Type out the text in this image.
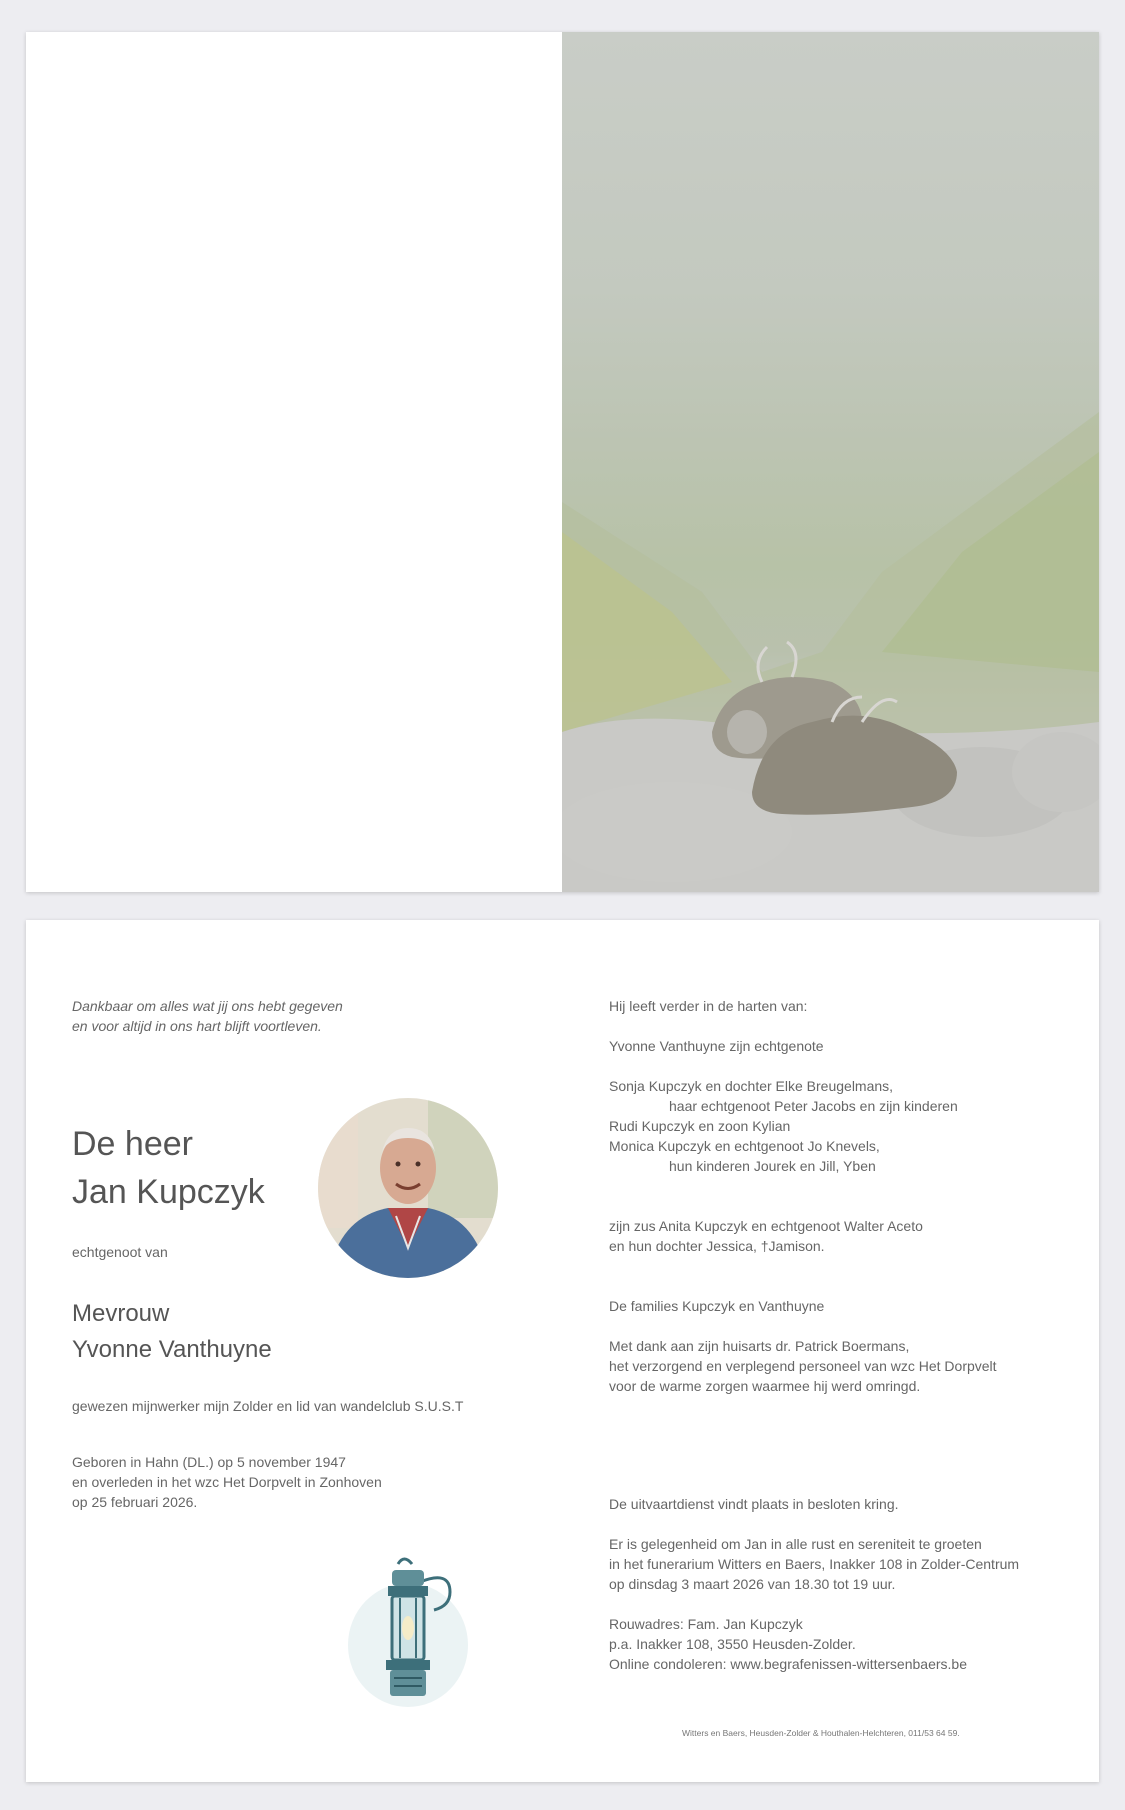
Dankbaar om alles wat jij ons hebt gegeven
en voor altijd in ons hart blijft voortleven.

De heer
Jan Kupczyk
echtgenoot van
Mevrouw
Yvonne Vanthuyne
gewezen mijnwerker mijn Zolder en lid van wandelclub S.U.S.T
Geboren in Hahn (DL.) op 5 november 1947
en overleden in het wzc Het Dorpvelt in Zonhoven
op 25 februari 2026.
Hij leeft verder in de harten van:
Yvonne Vanthuyne zijn echtgenote
Sonja Kupczyk en dochter Elke Breugelmans,
haar echtgenoot Peter Jacobs en zijn kinderen
Rudi Kupczyk en zoon Kylian
Monica Kupczyk en echtgenoot Jo Knevels,
hun kinderen Jourek en Jill, Yben
zijn zus Anita Kupczyk en echtgenoot Walter Aceto
en hun dochter Jessica, †Jamison.
De families Kupczyk en Vanthuyne
Met dank aan zijn huisarts dr. Patrick Boermans,
het verzorgend en verplegend personeel van wzc Het Dorpvelt
voor de warme zorgen waarmee hij werd omringd.
De uitvaartdienst vindt plaats in besloten kring.
Er is gelegenheid om Jan in alle rust en sereniteit te groeten
in het funerarium Witters en Baers, Inakker 108 in Zolder-Centrum
op dinsdag 3 maart 2026 van 18.30 tot 19 uur.
Rouwadres: Fam. Jan Kupczyk
p.a. Inakker 108, 3550 Heusden-Zolder.
Online condoleren: www.begrafenissen-wittersenbaers.be
Witters en Baers, Heusden-Zolder & Houthalen-Helchteren, 011/53 64 59.
